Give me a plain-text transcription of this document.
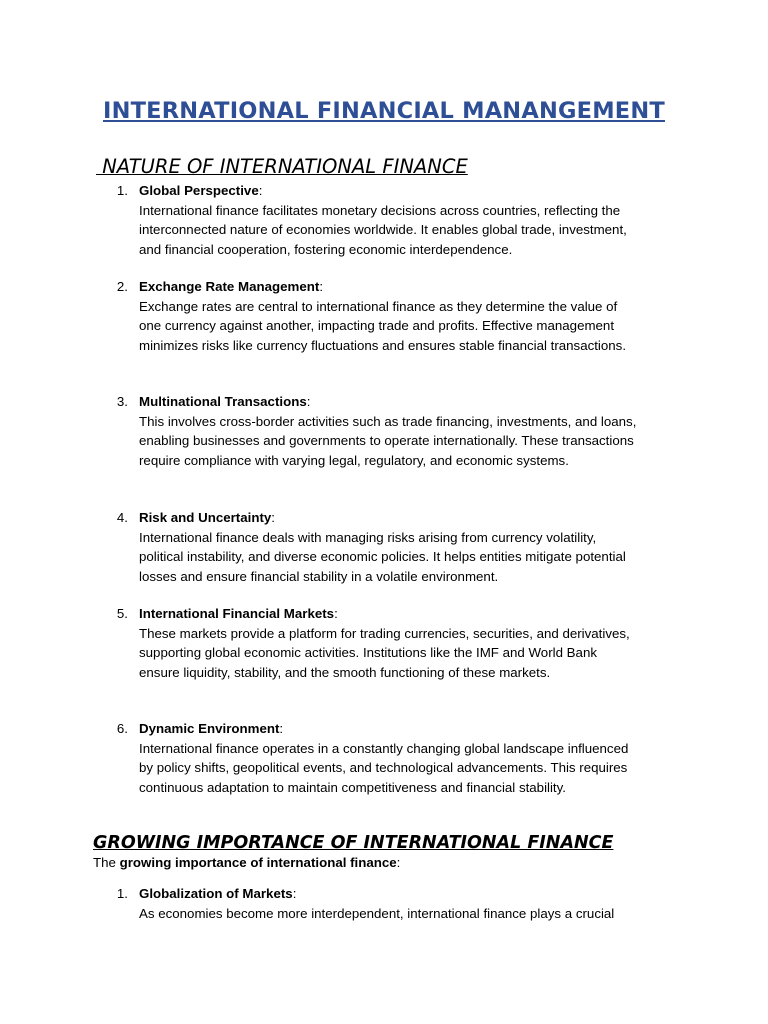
INTERNATIONAL FINANCIAL MANANGEMENT
NATURE OF INTERNATIONAL FINANCE
1. Global Perspective:
International finance facilitates monetary decisions across countries, reflecting the
interconnected nature of economies worldwide. It enables global trade, investment,
and financial cooperation, fostering economic interdependence.
2. Exchange Rate Management:
Exchange rates are central to international finance as they determine the value of
one currency against another, impacting trade and profits. Effective management
minimizes risks like currency fluctuations and ensures stable financial transactions.
3. Multinational Transactions:
This involves cross-border activities such as trade financing, investments, and loans,
enabling businesses and governments to operate internationally. These transactions
require compliance with varying legal, regulatory, and economic systems.
4. Risk and Uncertainty:
International finance deals with managing risks arising from currency volatility,
political instability, and diverse economic policies. It helps entities mitigate potential
losses and ensure financial stability in a volatile environment.
5. International Financial Markets:
These markets provide a platform for trading currencies, securities, and derivatives,
supporting global economic activities. Institutions like the IMF and World Bank
ensure liquidity, stability, and the smooth functioning of these markets.
6. Dynamic Environment:
International finance operates in a constantly changing global landscape influenced
by policy shifts, geopolitical events, and technological advancements. This requires
continuous adaptation to maintain competitiveness and financial stability.
GROWING IMPORTANCE OF INTERNATIONAL FINANCE

The growing importance of international finance:

1. Globalization of Markets:
As economies become more interdependent, international finance plays a crucial
